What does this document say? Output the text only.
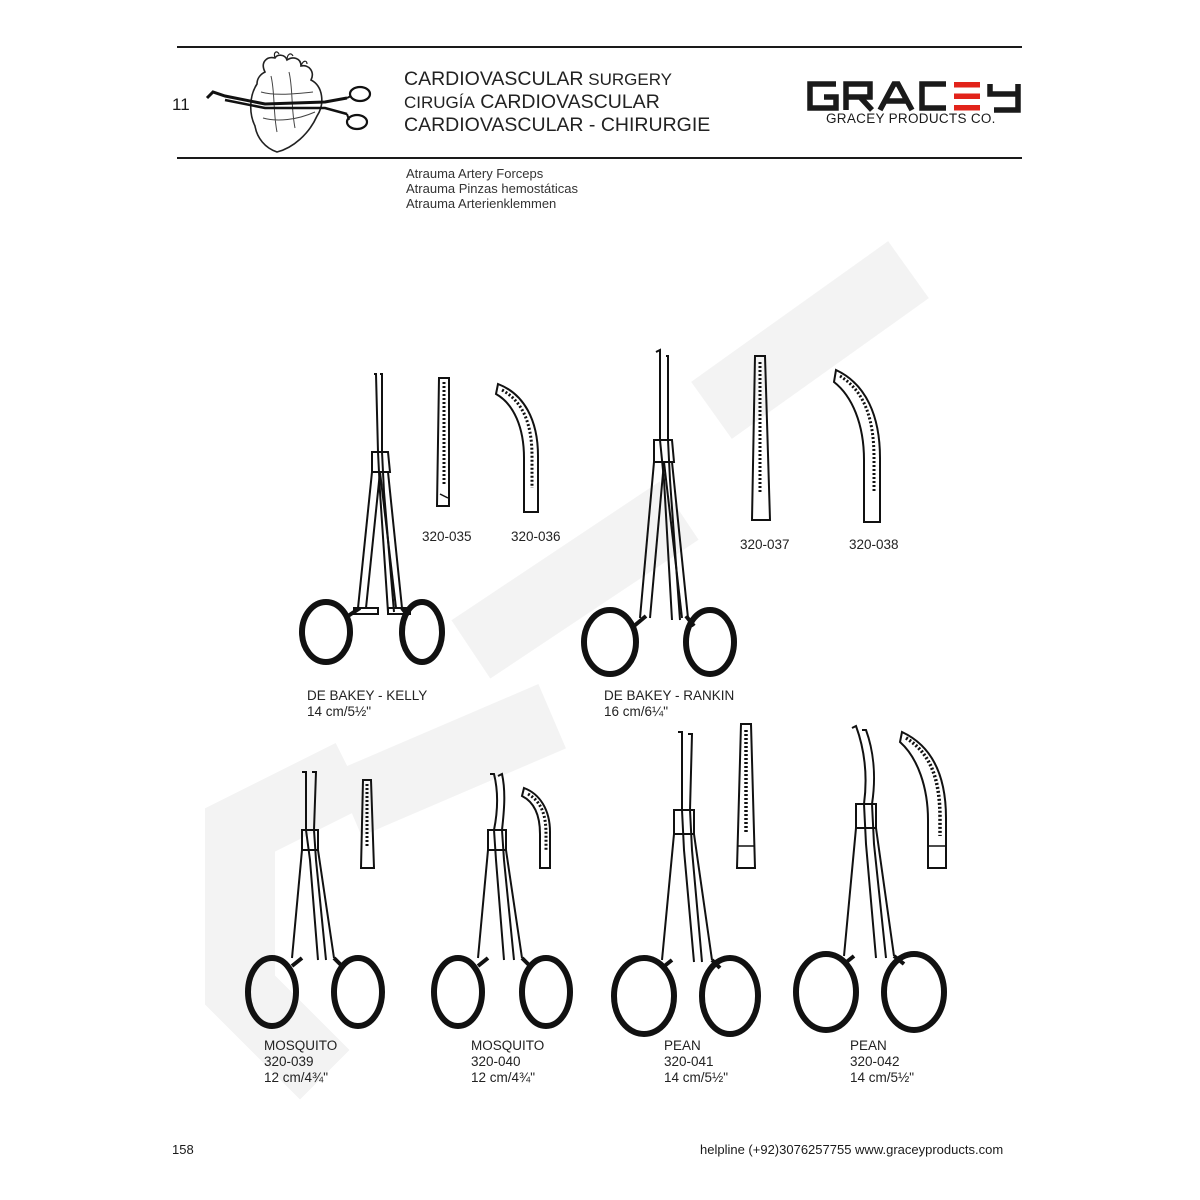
11
CARDIOVASCULAR SURGERY
CIRUGÍA CARDIOVASCULAR
CARDIOVASCULAR - CHIRURGIE	GRACEY PRODUCTS CO.
Atrauma Artery Forceps
Atrauma Pinzas hemostáticas
Atrauma Arterienklemmen
320-035	320-036
DE BAKEY - KELLY
14 cm/5½"
320-037	320-038
DE BAKEY - RANKIN
16 cm/6¼"
MOSQUITO
320-039
12 cm/4¾"
MOSQUITO
320-040
12 cm/4¾"
PEAN
320-041
14 cm/5½"
PEAN
320-042
14 cm/5½"
158	helpline (+92)3076257755 www.graceyproducts.com
